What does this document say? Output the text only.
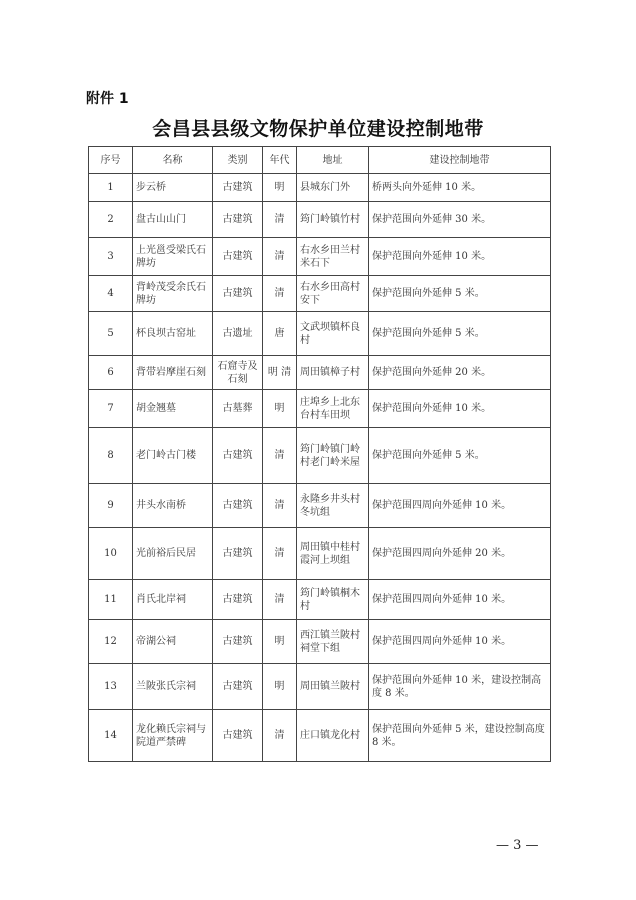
附件 1
会昌县县级文物保护单位建设控制地带
序号	名称	类别	年代	地址	建设控制地带
1	步云桥	古建筑	明	县城东门外	桥两头向外延伸 10 米。
2	盘古山山门	古建筑	清	筠门岭镇竹村	保护范围向外延伸 30 米。
3	上光邕受梁氏石牌坊	古建筑	清	右水乡田兰村米石下	保护范围向外延伸 10 米。
4	背岭茂受余氏石牌坊	古建筑	清	右水乡田高村安下	保护范围向外延伸 5 米。
5	杯良坝古窑址	古遗址	唐	文武坝镇杯良村	保护范围向外延伸 5 米。
6	背带岩摩崖石刻	石窟寺及石刻	明 清	周田镇樟子村	保护范围向外延伸 20 米。
7	胡金翘墓	古墓葬	明	庄埠乡上北东台村车田坝	保护范围向外延伸 10 米。
8	老门岭古门楼	古建筑	清	筠门岭镇门岭村老门岭米屋	保护范围向外延伸 5 米。
9	井头水南桥	古建筑	清	永隆乡井头村冬坑组	保护范围四周向外延伸 10 米。
10	光前裕后民居	古建筑	清	周田镇中桂村霞河上坝组	保护范围四周向外延伸 20 米。
11	肖氏北岸祠	古建筑	清	筠门岭镇桐木村	保护范围四周向外延伸 10 米。
12	帝湖公祠	古建筑	明	西江镇兰陂村祠堂下组	保护范围四周向外延伸 10 米。
13	兰陂张氏宗祠	古建筑	明	周田镇兰陂村	保护范围向外延伸 10 米，建设控制高度 8 米。
14	龙化赖氏宗祠与院道严禁碑	古建筑	清	庄口镇龙化村	保护范围向外延伸 5 米，建设控制高度 8 米。
— 3 —
